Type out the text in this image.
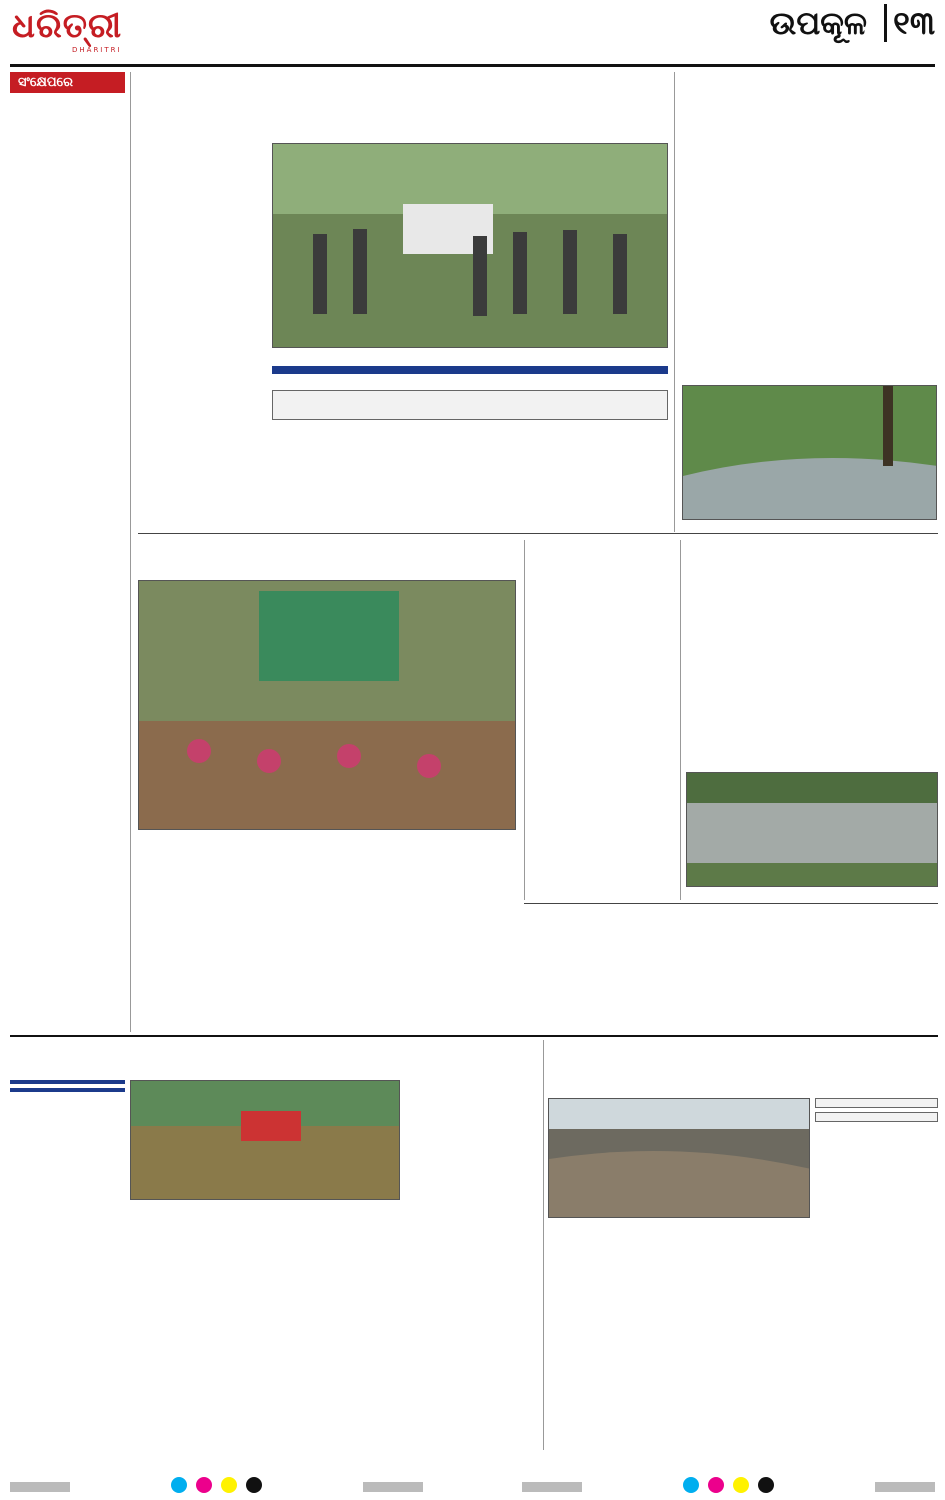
ଧରିତ୍ରୀ
DHARITRI
ଉପକୂଳ ୧୩
ସଂକ୍ଷେପରେ
